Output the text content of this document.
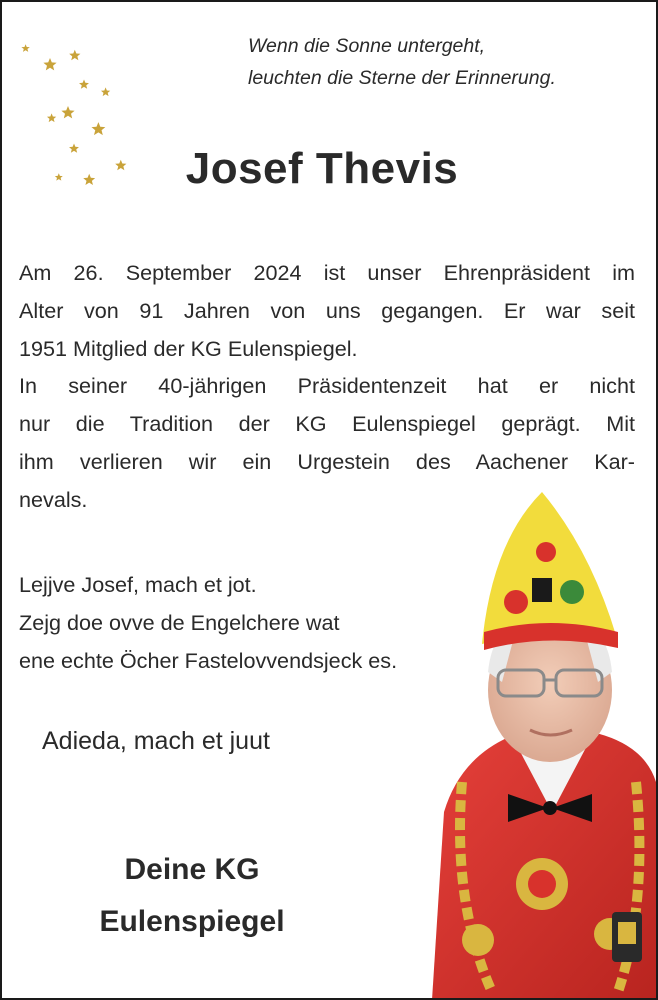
Wenn die Sonne untergeht,
leuchten die Sterne der Erinnerung.
Josef Thevis
Am 26. September 2024 ist unser Ehrenpräsident im
Alter von 91 Jahren von uns gegangen. Er war seit
1951 Mitglied der KG Eulenspiegel.
In seiner 40-jährigen Präsidentenzeit hat er nicht
nur die Tradition der KG Eulenspiegel geprägt. Mit
ihm verlieren wir ein Urgestein des Aachener Kar-
nevals.
Lejjve Josef, mach et jot.
Zejg doe ovve de Engelchere wat
ene echte Öcher Fastelovvendsjeck es.
Adieda, mach et juut
Deine KG
Eulenspiegel
